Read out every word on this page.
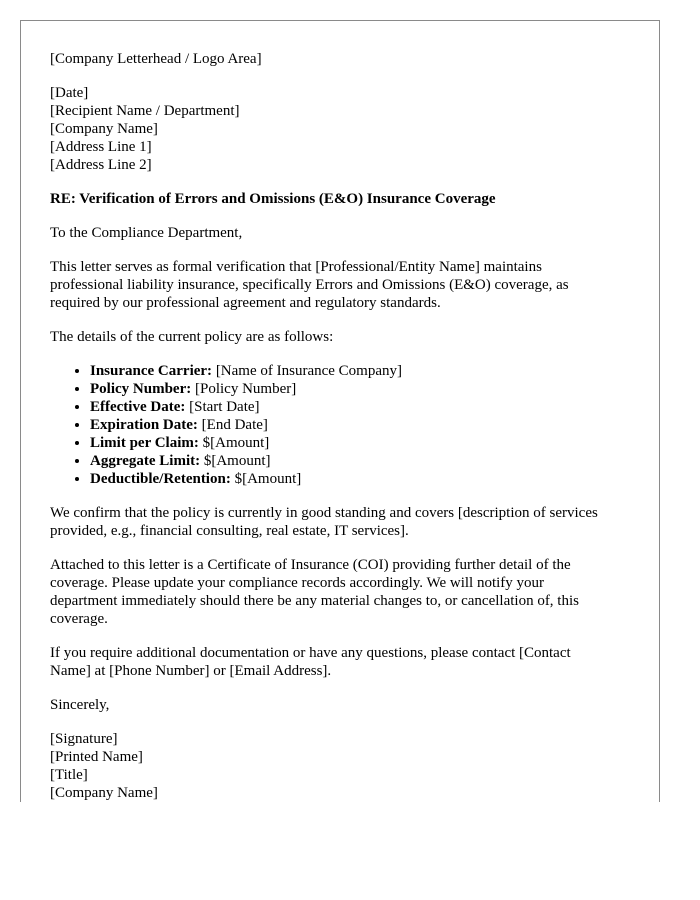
[Company Letterhead / Logo Area]
[Date]
[Recipient Name / Department]
[Company Name]
[Address Line 1]
[Address Line 2]
RE: Verification of Errors and Omissions (E&O) Insurance Coverage

To the Compliance Department,

This letter serves as formal verification that [Professional/Entity Name] maintains professional liability insurance, specifically Errors and Omissions (E&O) coverage, as required by our professional agreement and regulatory standards.

The details of the current policy are as follows:

• Insurance Carrier: [Name of Insurance Company]
• Policy Number: [Policy Number]
• Effective Date: [Start Date]
• Expiration Date: [End Date]
• Limit per Claim: $[Amount]
• Aggregate Limit: $[Amount]
• Deductible/Retention: $[Amount]

We confirm that the policy is currently in good standing and covers [description of services provided, e.g., financial consulting, real estate, IT services].

Attached to this letter is a Certificate of Insurance (COI) providing further detail of the coverage. Please update your compliance records accordingly. We will notify your department immediately should there be any material changes to, or cancellation of, this coverage.

If you require additional documentation or have any questions, please contact [Contact Name] at [Phone Number] or [Email Address].

Sincerely,

[Signature]
[Printed Name]
[Title]
[Company Name]
